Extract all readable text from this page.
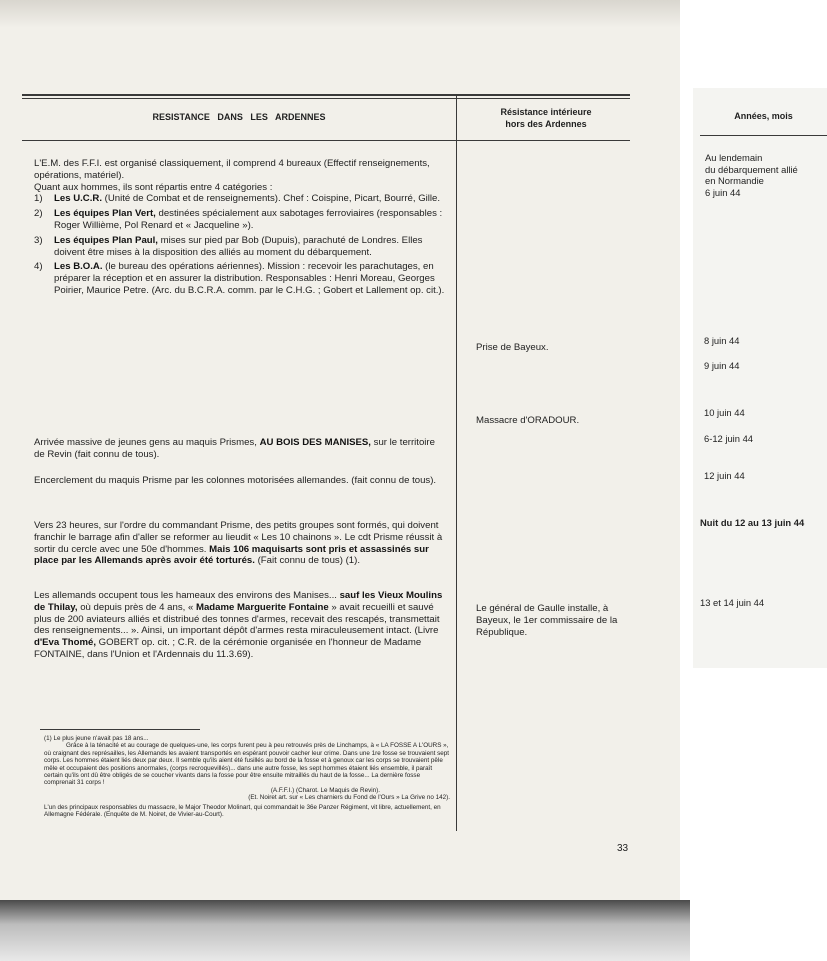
RESISTANCE DANS LES ARDENNES	Résistance intérieure
hors des Ardennes
Années, mois
L'E.M. des F.F.I. est organisé classiquement, il comprend 4 bureaux (Effectif renseignements, opérations, matériel).
Quant aux hommes, ils sont répartis entre 4 catégories :
1) Les U.C.R. (Unité de Combat et de renseignements). Chef : Coispine, Picart, Bourré, Gille.
2) Les équipes Plan Vert, destinées spécialement aux sabotages ferroviaires (responsables : Roger Willième, Pol Renard et « Jacqueline »).
3) Les équipes Plan Paul, mises sur pied par Bob (Dupuis), parachuté de Londres. Elles doivent être mises à la disposition des alliés au moment du débarquement.
4) Les B.O.A. (le bureau des opérations aériennes). Mission : recevoir les parachutages, en préparer la réception et en assurer la distribution. Responsables : Henri Moreau, Georges Poirier, Maurice Petre. (Arc. du B.C.R.A. comm. par le C.H.G. ; Gobert et Lallement op. cit.).
Arrivée massive de jeunes gens au maquis Prismes, AU BOIS DES MANISES, sur le territoire de Revin (fait connu de tous).
Encerclement du maquis Prisme par les colonnes motorisées allemandes. (fait connu de tous).
Vers 23 heures, sur l'ordre du commandant Prisme, des petits groupes sont formés, qui doivent franchir le barrage afin d'aller se reformer au lieudit « Les 10 chainons ». Le cdt Prisme réussit à sortir du cercle avec une 50e d'hommes. Mais 106 maquisarts sont pris et assassinés sur place par les Allemands après avoir été torturés. (Fait connu de tous) (1).
Les allemands occupent tous les hameaux des environs des Manises... sauf les Vieux Moulins de Thilay, où depuis près de 4 ans, « Madame Marguerite Fontaine » avait recueilli et sauvé plus de 200 aviateurs alliés et distribué des tonnes d'armes, recevait des rescapés, transmettait des renseignements... ». Ainsi, un important dépôt d'armes resta miraculeusement intact. (Livre d'Eva Thomé, GOBERT op. cit. ; C.R. de la cérémonie organisée en l'honneur de Madame FONTAINE, dans l'Union et l'Ardennais du 11.3.69).
(1) Le plus jeune n'avait pas 18 ans...
Grâce à la ténacité et au courage de quelques-une, les corps furent peu à peu retrouvés près de Linchamps, à « LA FOSSE A L'OURS », où craignant des représailles, les Allemands les avaient transportés en espérant pouvoir cacher leur crime. Dans une 1re fosse se trouvaient sept corps. Les hommes étaient liés deux par deux. Il semble qu'ils aient été fusillés au bord de la fosse et à genoux car les corps se trouvaient pêle mêle et occupaient des positions anormales, (corps recroquevillés)... dans une autre fosse, les sept hommes étaient liés ensemble, il paraît certain qu'ils ont dû être obligés de se coucher vivants dans la fosse pour être ensuite mitraillés du haut de la fosse... La dernière fosse comprenait 31 corps !
(A.F.F.I.) (Charot. Le Maquis de Revin).
(Et. Noiret art. sur « Les charniers du Fond de l'Ours » La Grive no 142).
L'un des principaux responsables du massacre, le Major Theodor Molinart, qui commandait le 36e Panzer Régiment, vit libre, actuellement, en Allemagne Fédérale. (Enquête de M. Noiret, de Vivier-au-Court).
Prise de Bayeux.
Massacre d'ORADOUR.
Le général de Gaulle installe, à Bayeux, le 1er commissaire de la République.
Au lendemain
du débarquement allié
en Normandie
6 juin 44
8 juin 44
9 juin 44
10 juin 44
6-12 juin 44
12 juin 44
Nuit du 12 au 13 juin 44
13 et 14 juin 44
33
